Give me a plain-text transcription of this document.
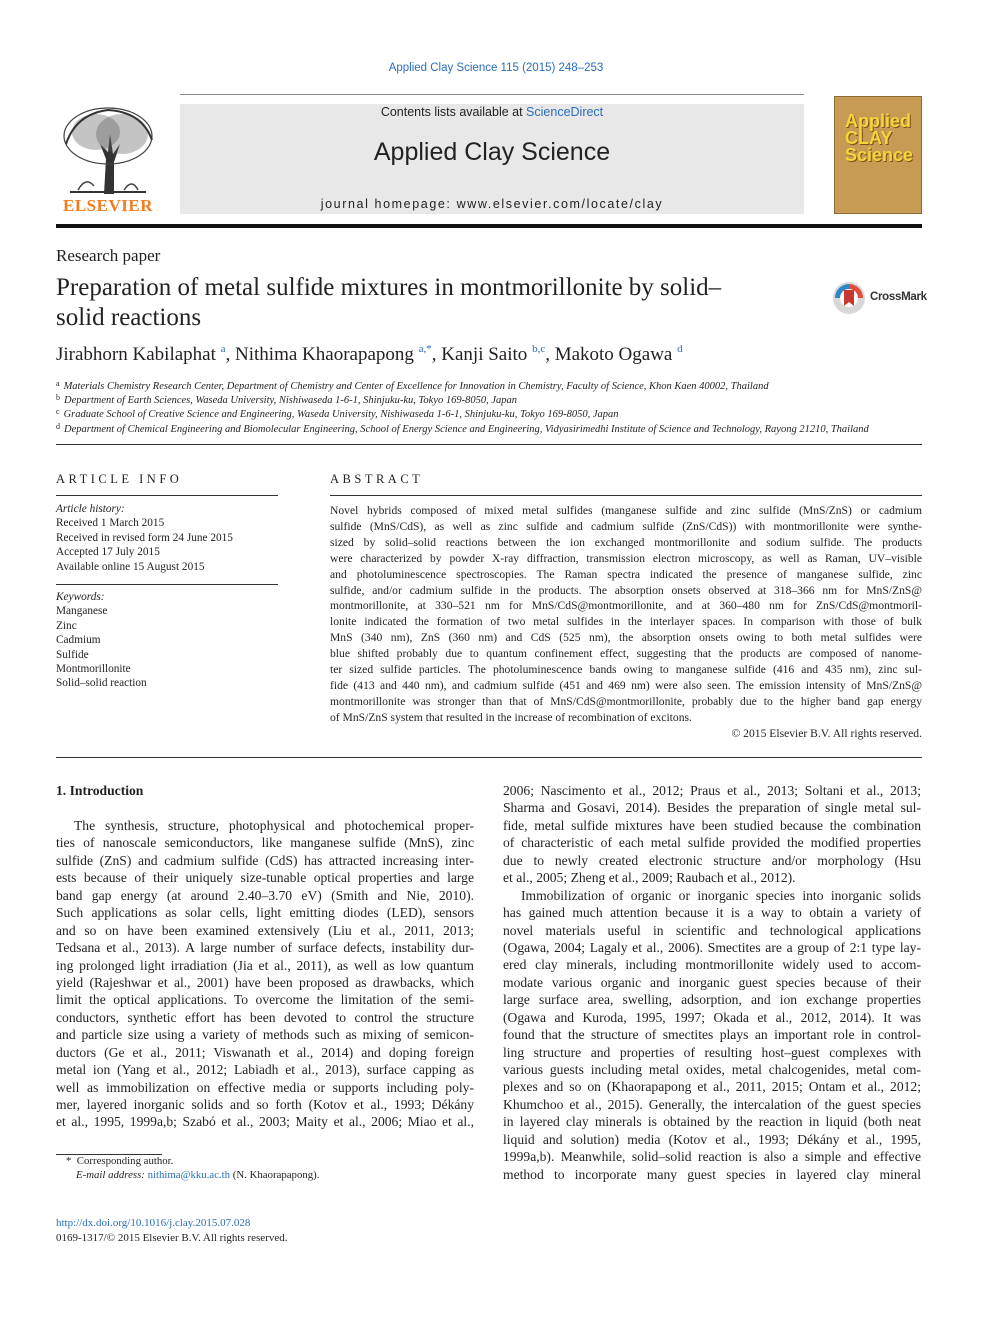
Applied Clay Science 115 (2015) 248–253
ELSEVIER
Contents lists available at ScienceDirect
Applied Clay Science
journal homepage: www.elsevier.com/locate/clay
Applied
CLAY
Science
Research paper
Preparation of metal sulfide mixtures in montmorillonite by solid–
solid reactions
CrossMark
Jirabhorn Kabilaphat $^a$, Nithima Khaorapapong $^{a,*}$, Kanji Saito $^{b,c}$, Makoto Ogawa $^d$
$^a$ Materials Chemistry Research Center, Department of Chemistry and Center of Excellence for Innovation in Chemistry, Faculty of Science, Khon Kaen 40002, Thailand
$^b$ Department of Earth Sciences, Waseda University, Nishiwaseda 1-6-1, Shinjuku-ku, Tokyo 169-8050, Japan
$^c$ Graduate School of Creative Science and Engineering, Waseda University, Nishiwaseda 1-6-1, Shinjuku-ku, Tokyo 169-8050, Japan
$^d$ Department of Chemical Engineering and Biomolecular Engineering, School of Energy Science and Engineering, Vidyasirimedhi Institute of Science and Technology, Rayong 21210, Thailand
ARTICLE INFO
Article history:
Received 1 March 2015
Received in revised form 24 June 2015
Accepted 17 July 2015
Available online 15 August 2015
Keywords:
Manganese
Zinc
Cadmium
Sulfide
Montmorillonite
Solid–solid reaction
ABSTRACT
Novel hybrids composed of mixed metal sulfides (manganese sulfide and zinc sulfide (MnS/ZnS) or cadmium
sulfide (MnS/CdS), as well as zinc sulfide and cadmium sulfide (ZnS/CdS)) with montmorillonite were synthe-
sized by solid–solid reactions between the ion exchanged montmorillonite and sodium sulfide. The products
were characterized by powder X-ray diffraction, transmission electron microscopy, as well as Raman, UV–visible
and photoluminescence spectroscopies. The Raman spectra indicated the presence of manganese sulfide, zinc
sulfide, and/or cadmium sulfide in the products. The absorption onsets observed at 318–366 nm for MnS/ZnS@
montmorillonite, at 330–521 nm for MnS/CdS@montmorillonite, and at 360–480 nm for ZnS/CdS@montmoril-
lonite indicated the formation of two metal sulfides in the interlayer spaces. In comparison with those of bulk
MnS (340 nm), ZnS (360 nm) and CdS (525 nm), the absorption onsets owing to both metal sulfides were
blue shifted probably due to quantum confinement effect, suggesting that the products are composed of nanome-
ter sized sulfide particles. The photoluminescence bands owing to manganese sulfide (416 and 435 nm), zinc sul-
fide (413 and 440 nm), and cadmium sulfide (451 and 469 nm) were also seen. The emission intensity of MnS/ZnS@
montmorillonite was stronger than that of MnS/CdS@montmorillonite, probably due to the higher band gap energy
of MnS/ZnS system that resulted in the increase of recombination of excitons.
© 2015 Elsevier B.V. All rights reserved.
1. Introduction
The synthesis, structure, photophysical and photochemical proper-
ties of nanoscale semiconductors, like manganese sulfide (MnS), zinc
sulfide (ZnS) and cadmium sulfide (CdS) has attracted increasing inter-
ests because of their uniquely size-tunable optical properties and large
band gap energy (at around 2.40–3.70 eV) (Smith and Nie, 2010).
Such applications as solar cells, light emitting diodes (LED), sensors
and so on have been examined extensively (Liu et al., 2011, 2013;
Tedsana et al., 2013). A large number of surface defects, instability dur-
ing prolonged light irradiation (Jia et al., 2011), as well as low quantum
yield (Rajeshwar et al., 2001) have been proposed as drawbacks, which
limit the optical applications. To overcome the limitation of the semi-
conductors, synthetic effort has been devoted to control the structure
and particle size using a variety of methods such as mixing of semicon-
ductors (Ge et al., 2011; Viswanath et al., 2014) and doping foreign
metal ion (Yang et al., 2012; Labiadh et al., 2013), surface capping as
well as immobilization on effective media or supports including poly-
mer, layered inorganic solids and so forth (Kotov et al., 1993; Dékány
et al., 1995, 1999a,b; Szabó et al., 2003; Maity et al., 2006; Miao et al.,
2006; Nascimento et al., 2012; Praus et al., 2013; Soltani et al., 2013;
Sharma and Gosavi, 2014). Besides the preparation of single metal sul-
fide, metal sulfide mixtures have been studied because the combination
of characteristic of each metal sulfide provided the modified properties
due to newly created electronic structure and/or morphology (Hsu
et al., 2005; Zheng et al., 2009; Raubach et al., 2012).
Immobilization of organic or inorganic species into inorganic solids
has gained much attention because it is a way to obtain a variety of
novel materials useful in scientific and technological applications
(Ogawa, 2004; Lagaly et al., 2006). Smectites are a group of 2:1 type lay-
ered clay minerals, including montmorillonite widely used to accom-
modate various organic and inorganic guest species because of their
large surface area, swelling, adsorption, and ion exchange properties
(Ogawa and Kuroda, 1995, 1997; Okada et al., 2012, 2014). It was
found that the structure of smectites plays an important role in control-
ling structure and properties of resulting host–guest complexes with
various guests including metal oxides, metal chalcogenides, metal com-
plexes and so on (Khaorapapong et al., 2011, 2015; Ontam et al., 2012;
Khumchoo et al., 2015). Generally, the intercalation of the guest species
in layered clay minerals is obtained by the reaction in liquid (both neat
liquid and solution) media (Kotov et al., 1993; Dékány et al., 1995,
1999a,b). Meanwhile, solid–solid reaction is also a simple and effective
method to incorporate many guest species in layered clay mineral
*  Corresponding author.
E-mail address: nithima@kku.ac.th (N. Khaorapapong).
http://dx.doi.org/10.1016/j.clay.2015.07.028
0169-1317/© 2015 Elsevier B.V. All rights reserved.
